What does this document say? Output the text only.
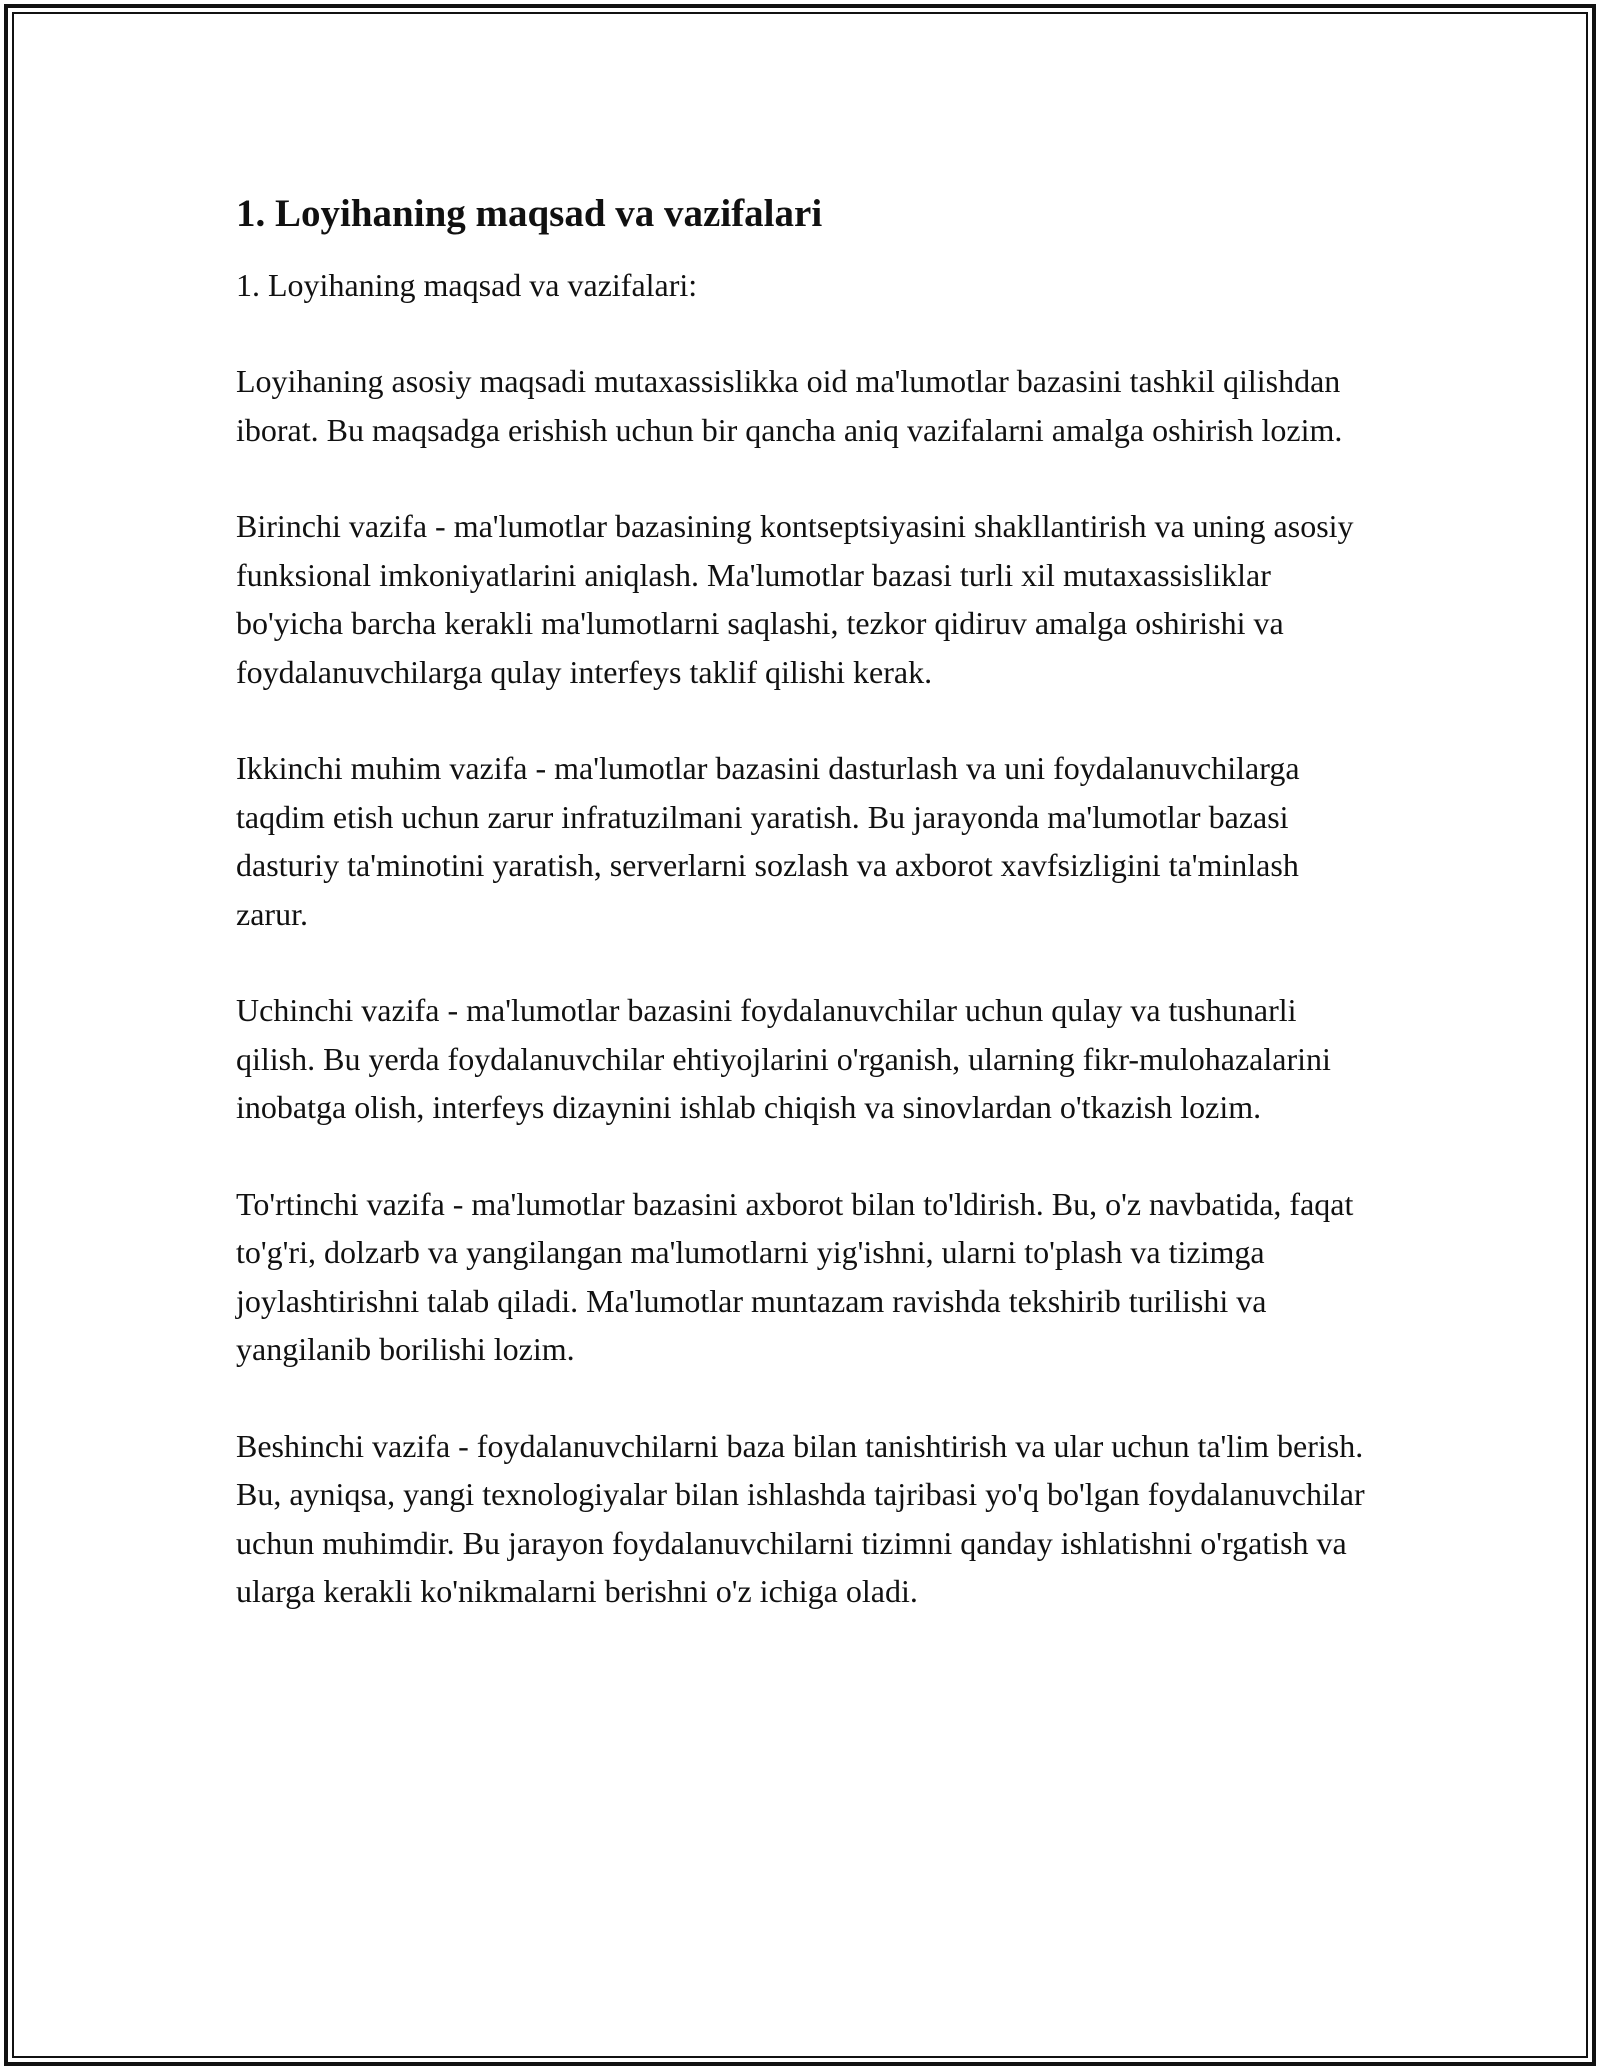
1. Loyihaning maqsad va vazifalari

1. Loyihaning maqsad va vazifalari:

Loyihaning asosiy maqsadi mutaxassislikka oid ma'lumotlar bazasini tashkil qilishdan iborat. Bu maqsadga erishish uchun bir qancha aniq vazifalarni amalga oshirish lozim.

Birinchi vazifa - ma'lumotlar bazasining kontseptsiyasini shakllantirish va uning asosiy funksional imkoniyatlarini aniqlash. Ma'lumotlar bazasi turli xil mutaxassisliklar bo'yicha barcha kerakli ma'lumotlarni saqlashi, tezkor qidiruv amalga oshirishi va foydalanuvchilarga qulay interfeys taklif qilishi kerak.

Ikkinchi muhim vazifa - ma'lumotlar bazasini dasturlash va uni foydalanuvchilarga taqdim etish uchun zarur infratuzilmani yaratish. Bu jarayonda ma'lumotlar bazasi dasturiy ta'minotini yaratish, serverlarni sozlash va axborot xavfsizligini ta'minlash zarur.

Uchinchi vazifa - ma'lumotlar bazasini foydalanuvchilar uchun qulay va tushunarli qilish. Bu yerda foydalanuvchilar ehtiyojlarini o'rganish, ularning fikr-mulohazalarini inobatga olish, interfeys dizaynini ishlab chiqish va sinovlardan o'tkazish lozim.

To'rtinchi vazifa - ma'lumotlar bazasini axborot bilan to'ldirish. Bu, o'z navbatida, faqat to'g'ri, dolzarb va yangilangan ma'lumotlarni yig'ishni, ularni to'plash va tizimga joylashtirishni talab qiladi. Ma'lumotlar muntazam ravishda tekshirib turilishi va yangilanib borilishi lozim.

Beshinchi vazifa - foydalanuvchilarni baza bilan tanishtirish va ular uchun ta'lim berish. Bu, ayniqsa, yangi texnologiyalar bilan ishlashda tajribasi yo'q bo'lgan foydalanuvchilar uchun muhimdir. Bu jarayon foydalanuvchilarni tizimni qanday ishlatishni o'rgatish va ularga kerakli ko'nikmalarni berishni o'z ichiga oladi.
